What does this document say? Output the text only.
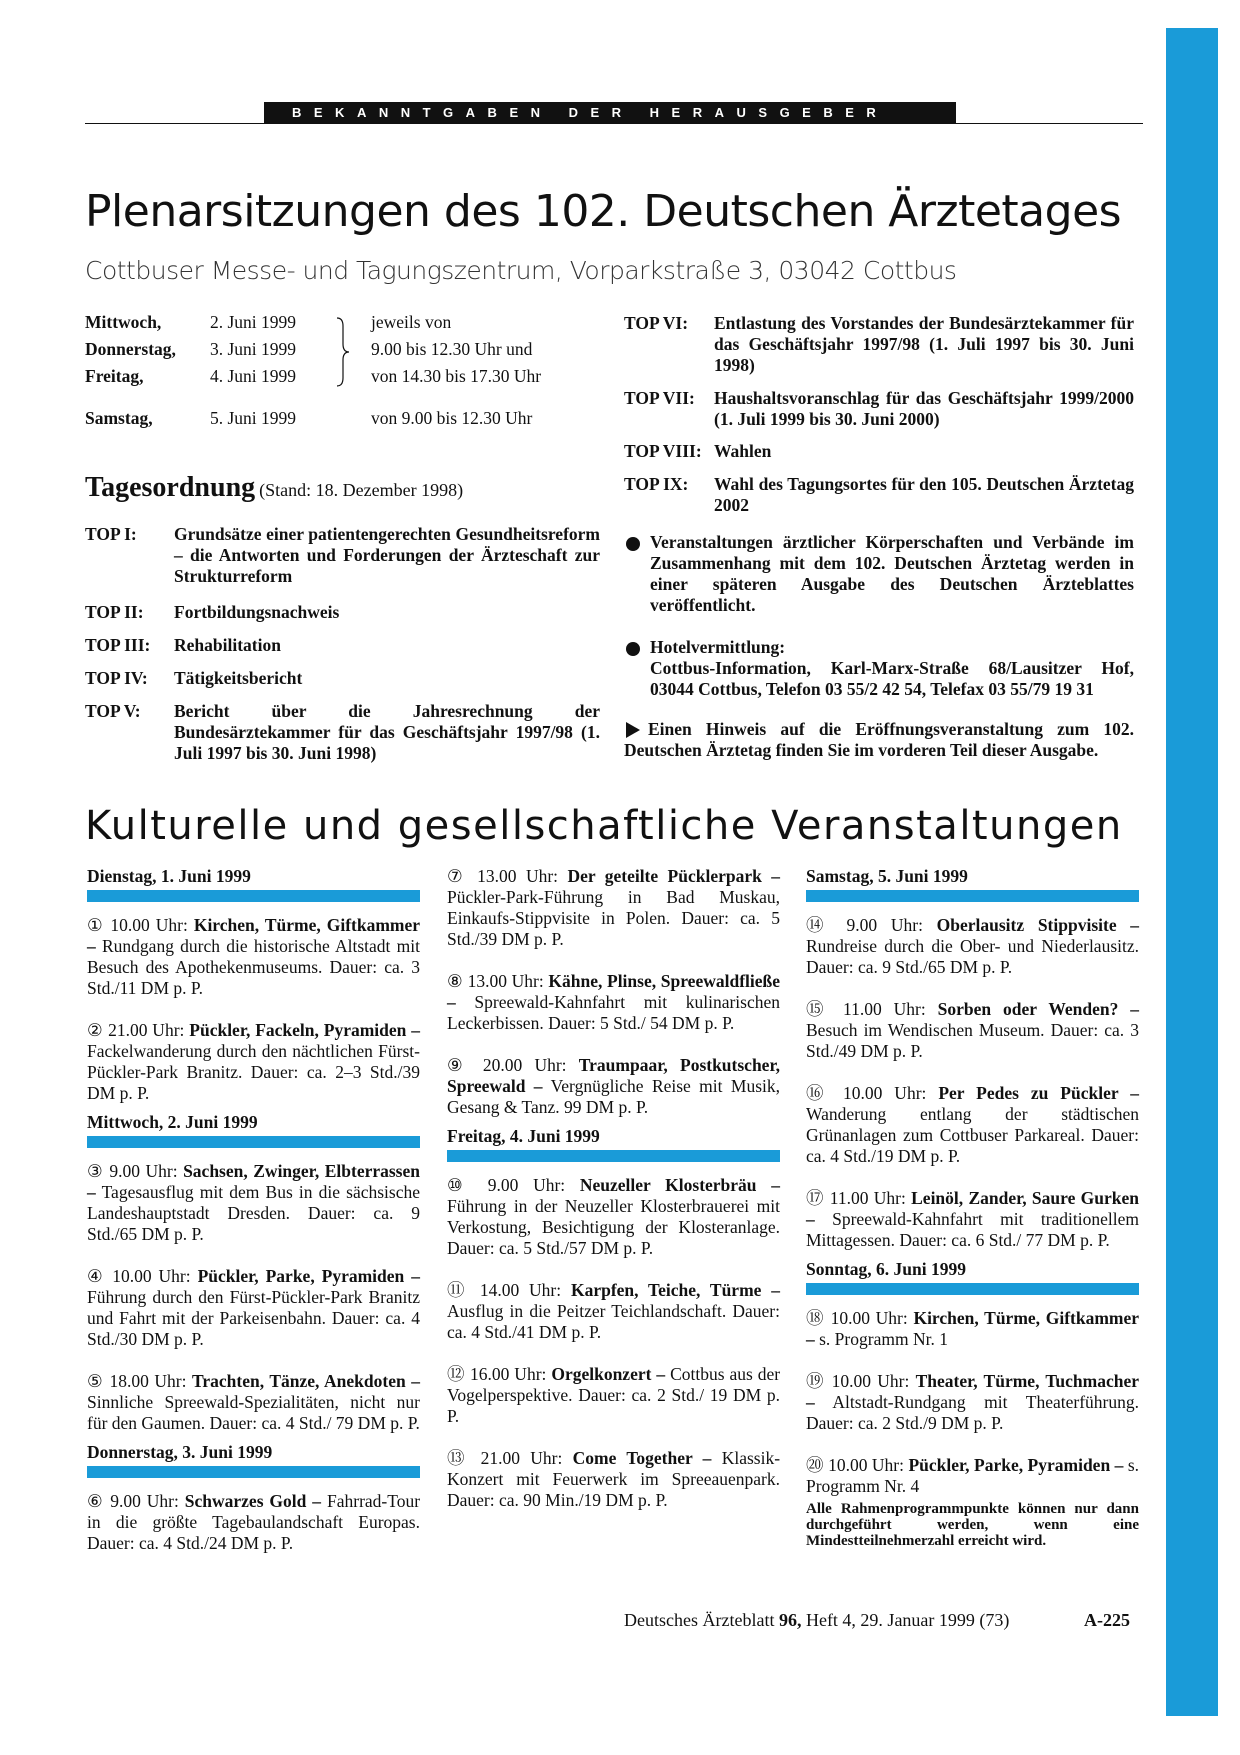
BEKANNTGABEN DER HERAUSGEBER
Plenarsitzungen des 102. Deutschen Ärztetages
Cottbuser Messe- und Tagungszentrum, Vorparkstraße 3, 03042 Cottbus
Mittwoch,	2. Juni 1999	jeweils von
Donnerstag, 3. Juni 1999	9.00 bis 12.30 Uhr und
Freitag,	4. Juni 1999	von 14.30 bis 17.30 Uhr
Samstag,	5. Juni 1999	von 9.00 bis 12.30 Uhr
Tagesordnung (Stand: 18. Dezember 1998)
TOP I: Grundsätze einer patientengerechten Gesundheitsreform – die Antworten und Forderungen der Ärzteschaft zur Strukturreform
TOP II: Fortbildungsnachweis
TOP III: Rehabilitation
TOP IV: Tätigkeitsbericht
TOP V: Bericht über die Jahresrechnung der Bundesärztekammer für das Geschäftsjahr 1997/98 (1. Juli 1997 bis 30. Juni 1998)
TOP VI: Entlastung des Vorstandes der Bundesärztekammer für das Geschäftsjahr 1997/98 (1. Juli 1997 bis 30. Juni 1998)
TOP VII: Haushaltsvoranschlag für das Geschäftsjahr 1999/2000 (1. Juli 1999 bis 30. Juni 2000)
TOP VIII: Wahlen
TOP IX: Wahl des Tagungsortes für den 105. Deutschen Ärztetag 2002
Veranstaltungen ärztlicher Körperschaften und Verbände im Zusammenhang mit dem 102. Deutschen Ärztetag werden in einer späteren Ausgabe des Deutschen Ärzteblattes veröffentlicht.
Hotelvermittlung:
Cottbus-Information, Karl-Marx-Straße 68/Lausitzer Hof, 03044 Cottbus, Telefon 03 55/2 42 54, Telefax 03 55/79 19 31
Einen Hinweis auf die Eröffnungsveranstaltung zum 102. Deutschen Ärztetag finden Sie im vorderen Teil dieser Ausgabe.
Kulturelle und gesellschaftliche Veranstaltungen
Dienstag, 1. Juni 1999

① 10.00 Uhr: Kirchen, Türme, Giftkammer – Rundgang durch die historische Altstadt mit Besuch des Apothekenmuseums. Dauer: ca. 3 Std./11 DM p. P.

② 21.00 Uhr: Pückler, Fackeln, Pyramiden – Fackelwanderung durch den nächtlichen Fürst-Pückler-Park Branitz. Dauer: ca. 2–3 Std./39 DM p. P.

Mittwoch, 2. Juni 1999

③ 9.00 Uhr: Sachsen, Zwinger, Elbterrassen – Tagesausflug mit dem Bus in die sächsische Landeshauptstadt Dresden. Dauer: ca. 9 Std./65 DM p. P.

④ 10.00 Uhr: Pückler, Parke, Pyramiden – Führung durch den Fürst-Pückler-Park Branitz und Fahrt mit der Parkeisenbahn. Dauer: ca. 4 Std./30 DM p. P.

⑤ 18.00 Uhr: Trachten, Tänze, Anekdoten – Sinnliche Spreewald-Spezialitäten, nicht nur für den Gaumen. Dauer: ca. 4 Std./ 79 DM p. P.

Donnerstag, 3. Juni 1999

⑥ 9.00 Uhr: Schwarzes Gold – Fahrrad-Tour in die größte Tagebaulandschaft Europas. Dauer: ca. 4 Std./24 DM p. P.

⑦ 13.00 Uhr: Der geteilte Pücklerpark – Pückler-Park-Führung in Bad Muskau, Einkaufs-Stippvisite in Polen. Dauer: ca. 5 Std./39 DM p. P.

⑧ 13.00 Uhr: Kähne, Plinse, Spreewaldfließe – Spreewald-Kahnfahrt mit kulinarischen Leckerbissen. Dauer: 5 Std./ 54 DM p. P.

⑨ 20.00 Uhr: Traumpaar, Postkutscher, Spreewald – Vergnügliche Reise mit Musik, Gesang & Tanz. 99 DM p. P.

Freitag, 4. Juni 1999

⑩ 9.00 Uhr: Neuzeller Klosterbräu – Führung in der Neuzeller Klosterbrauerei mit Verkostung, Besichtigung der Klosteranlage. Dauer: ca. 5 Std./57 DM p. P.

⑪ 14.00 Uhr: Karpfen, Teiche, Türme – Ausflug in die Peitzer Teichlandschaft. Dauer: ca. 4 Std./41 DM p. P.

⑫ 16.00 Uhr: Orgelkonzert – Cottbus aus der Vogelperspektive. Dauer: ca. 2 Std./ 19 DM p. P.

⑬ 21.00 Uhr: Come Together – Klassik-Konzert mit Feuerwerk im Spreeauenpark. Dauer: ca. 90 Min./19 DM p. P.

Samstag, 5. Juni 1999

⑭ 9.00 Uhr: Oberlausitz Stippvisite – Rundreise durch die Ober- und Niederlausitz. Dauer: ca. 9 Std./65 DM p. P.

⑮ 11.00 Uhr: Sorben oder Wenden? – Besuch im Wendischen Museum. Dauer: ca. 3 Std./49 DM p. P.

⑯ 10.00 Uhr: Per Pedes zu Pückler – Wanderung entlang der städtischen Grünanlagen zum Cottbuser Parkareal. Dauer: ca. 4 Std./19 DM p. P.

⑰ 11.00 Uhr: Leinöl, Zander, Saure Gurken – Spreewald-Kahnfahrt mit traditionellem Mittagessen. Dauer: ca. 6 Std./ 77 DM p. P.

Sonntag, 6. Juni 1999

⑱ 10.00 Uhr: Kirchen, Türme, Giftkammer – s. Programm Nr. 1

⑲ 10.00 Uhr: Theater, Türme, Tuchmacher – Altstadt-Rundgang mit Theaterführung. Dauer: ca. 2 Std./9 DM p. P.

⑳ 10.00 Uhr: Pückler, Parke, Pyramiden – s. Programm Nr. 4

Alle Rahmenprogrammpunkte können nur dann durchgeführt werden, wenn eine Mindestteilnehmerzahl erreicht wird.
Deutsches Ärzteblatt 96, Heft 4, 29. Januar 1999 (73)	A-225
